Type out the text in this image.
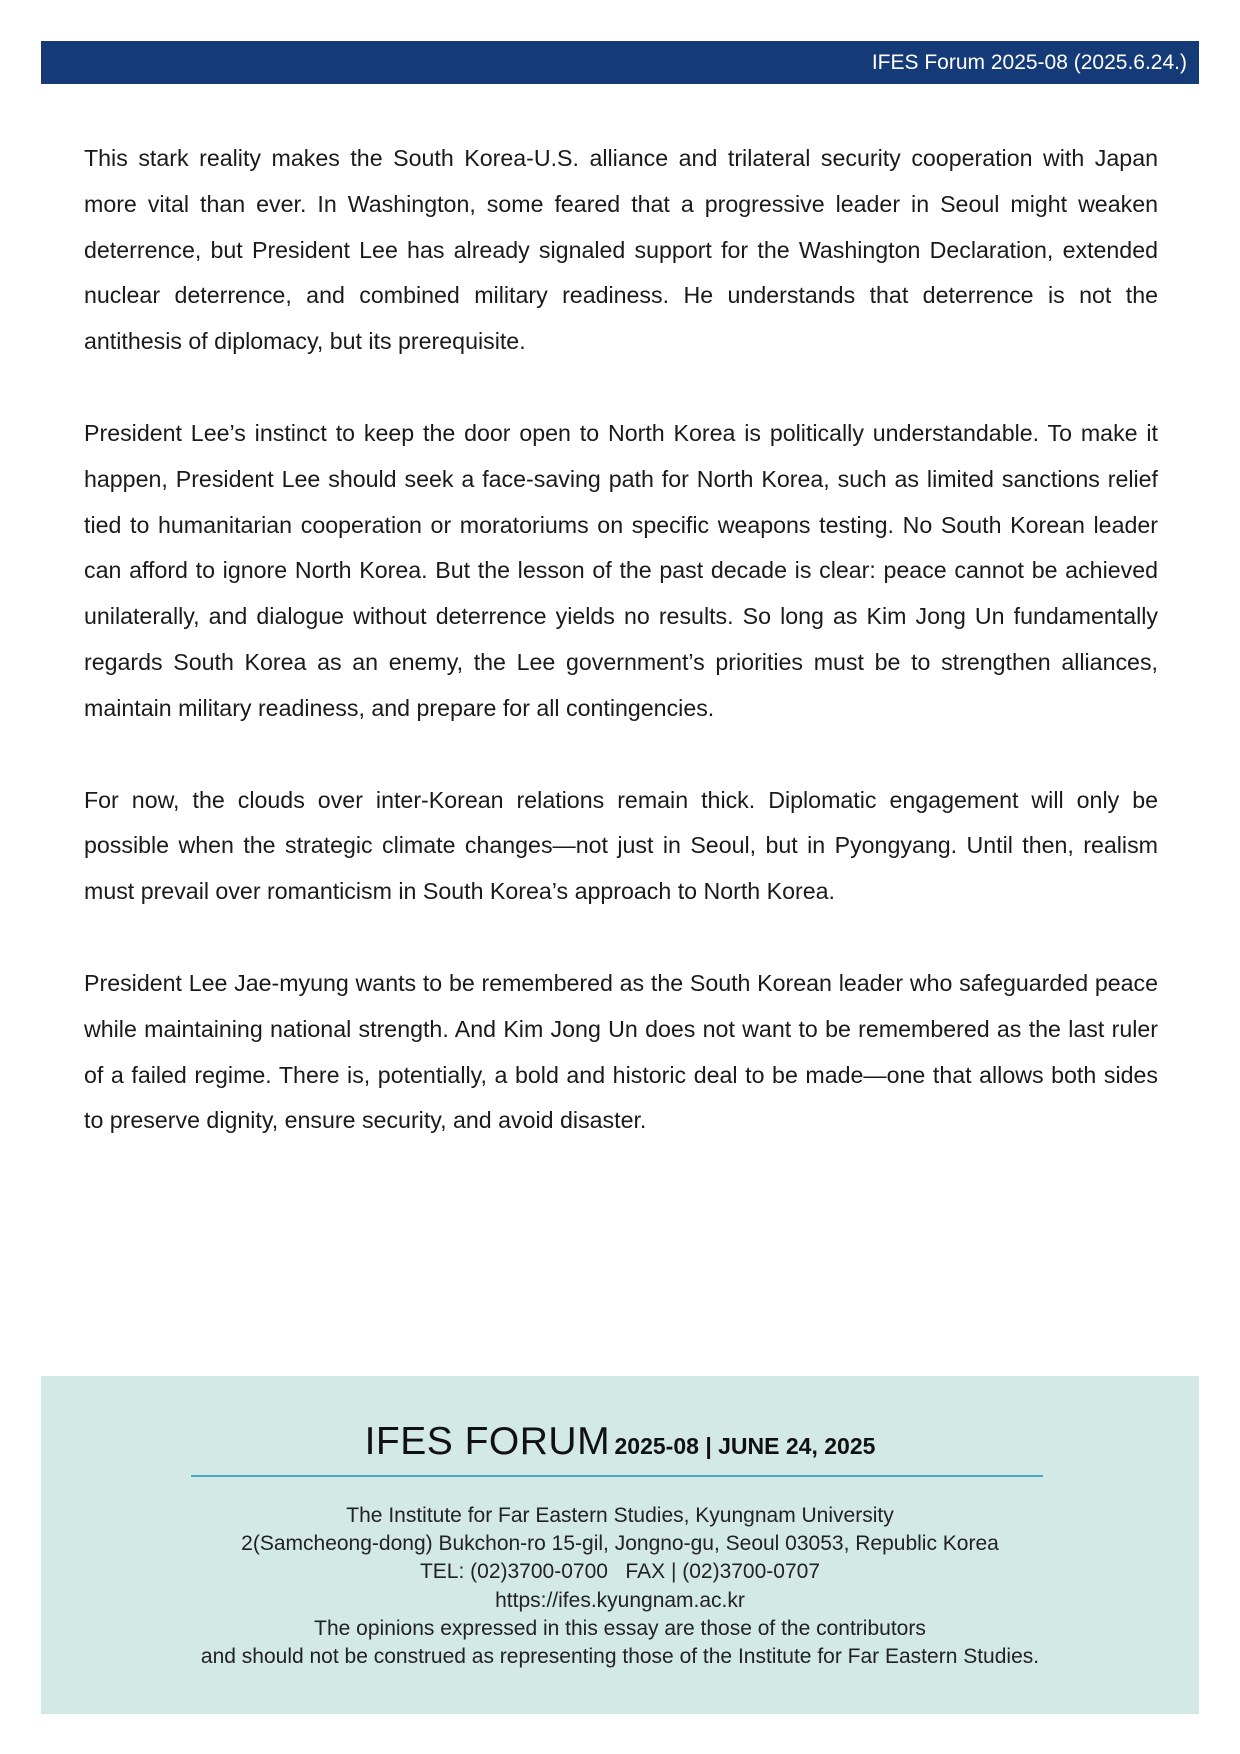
IFES Forum 2025-08 (2025.6.24.)

This stark reality makes the South Korea-U.S. alliance and trilateral security cooperation with Japan more vital than ever. In Washington, some feared that a progressive leader in Seoul might weaken deterrence, but President Lee has already signaled support for the Washington Declaration, extended nuclear deterrence, and combined military readiness. He understands that deterrence is not the antithesis of diplomacy, but its prerequisite.

President Lee’s instinct to keep the door open to North Korea is politically understandable. To make it happen, President Lee should seek a face-saving path for North Korea, such as limited sanctions relief tied to humanitarian cooperation or moratoriums on specific weapons testing. No South Korean leader can afford to ignore North Korea. But the lesson of the past decade is clear: peace cannot be achieved unilaterally, and dialogue without deterrence yields no results. So long as Kim Jong Un fundamentally regards South Korea as an enemy, the Lee government’s priorities must be to strengthen alliances, maintain military readiness, and prepare for all contingencies.

For now, the clouds over inter-Korean relations remain thick. Diplomatic engagement will only be possible when the strategic climate changes—not just in Seoul, but in Pyongyang. Until then, realism must prevail over romanticism in South Korea’s approach to North Korea.

President Lee Jae-myung wants to be remembered as the South Korean leader who safeguarded peace while maintaining national strength. And Kim Jong Un does not want to be remembered as the last ruler of a failed regime. There is, potentially, a bold and historic deal to be made—one that allows both sides to preserve dignity, ensure security, and avoid disaster.

IFES FORUM 2025-08 | JUNE 24, 2025
The Institute for Far Eastern Studies, Kyungnam University
2(Samcheong-dong) Bukchon-ro 15-gil, Jongno-gu, Seoul 03053, Republic Korea
TEL: (02)3700-0700   FAX | (02)3700-0707
https://ifes.kyungnam.ac.kr
The opinions expressed in this essay are those of the contributors
and should not be construed as representing those of the Institute for Far Eastern Studies.
